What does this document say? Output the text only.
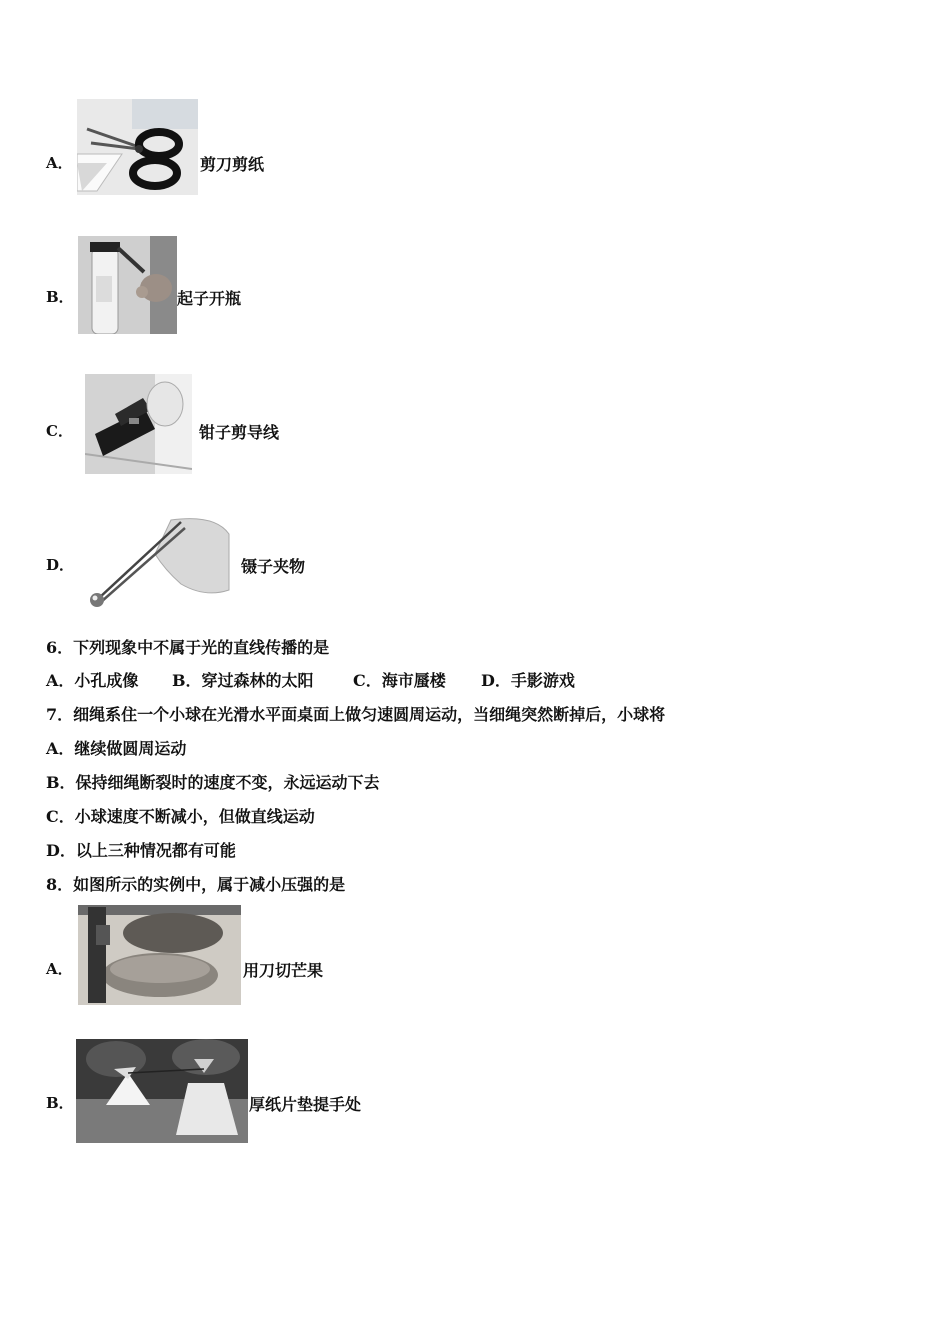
A．	剪刀剪纸
B．	起子开瓶
C．	钳子剪导线
D．	镊子夹物
6．下列现象中不属于光的直线传播的是
A．小孔成像 B．穿过森林的太阳 C．海市蜃楼 D．手影游戏
7．细绳系住一个小球在光滑水平面桌面上做匀速圆周运动，当细绳突然断掉后，小球将
A．继续做圆周运动
B．保持细绳断裂时的速度不变，永远运动下去
C．小球速度不断减小，但做直线运动
D．以上三种情况都有可能
8．如图所示的实例中，属于减小压强的是
A．	用刀切芒果
B．	厚纸片垫提手处
